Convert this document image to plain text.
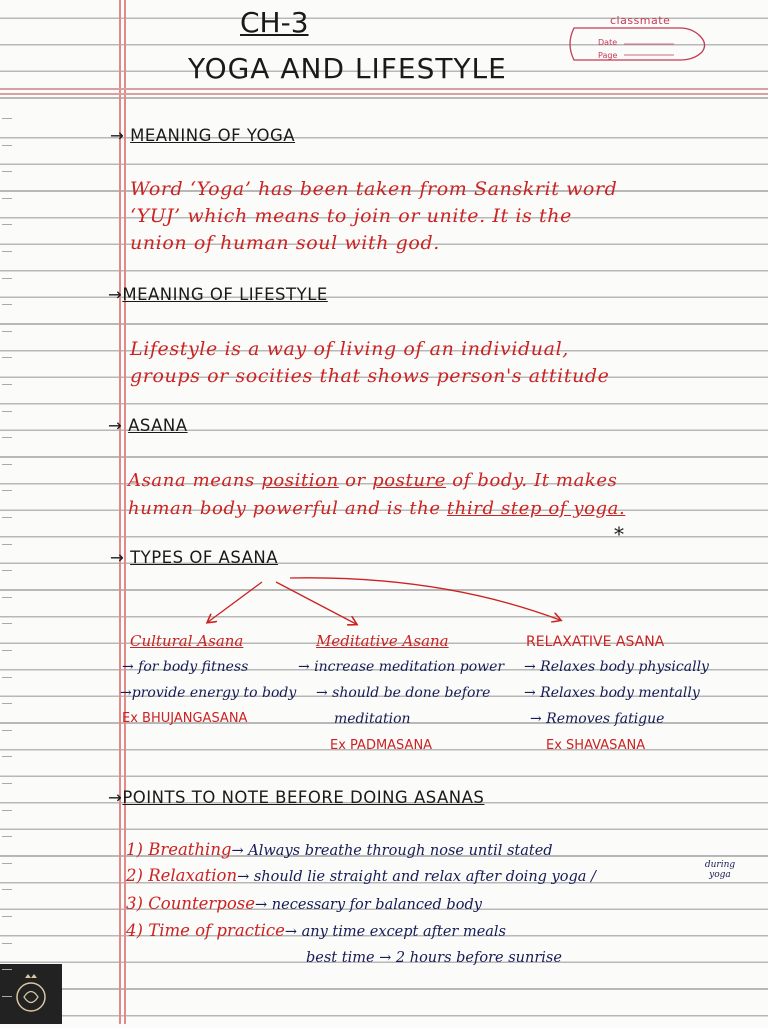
classmate
Date
Page
CH-3
YOGA AND LIFESTYLE
→ MEANING OF YOGA
Word ‘Yoga’ has been taken from Sanskrit word
‘YUJ’ which means to join or unite. It is the
union of human soul with god.
→MEANING OF LIFESTYLE
Lifestyle is a way of living of an individual,
groups or socities that shows person's attitude
→ ASANA
Asana means position or posture of body. It makes
human body powerful and is the third step of yoga.
*
→ TYPES OF ASANA
Cultural Asana	Meditative Asana	RELAXATIVE ASANA
→ for body fitness
→provide energy to body
Ex BHUJANGASANA
→ increase meditation power
→ should be done before
meditation
Ex PADMASANA
→ Relaxes body physically
→ Relaxes body mentally
→ Removes fatigue
Ex SHAVASANA
→POINTS TO NOTE BEFORE DOING ASANAS
1) Breathing→ Always breathe through nose until stated
2) Relaxation→ should lie straight and relax after doing yoga /
during yoga
3) Counterpose→ necessary for balanced body
4) Time of practice→ any time except after meals
best time → 2 hours before sunrise
